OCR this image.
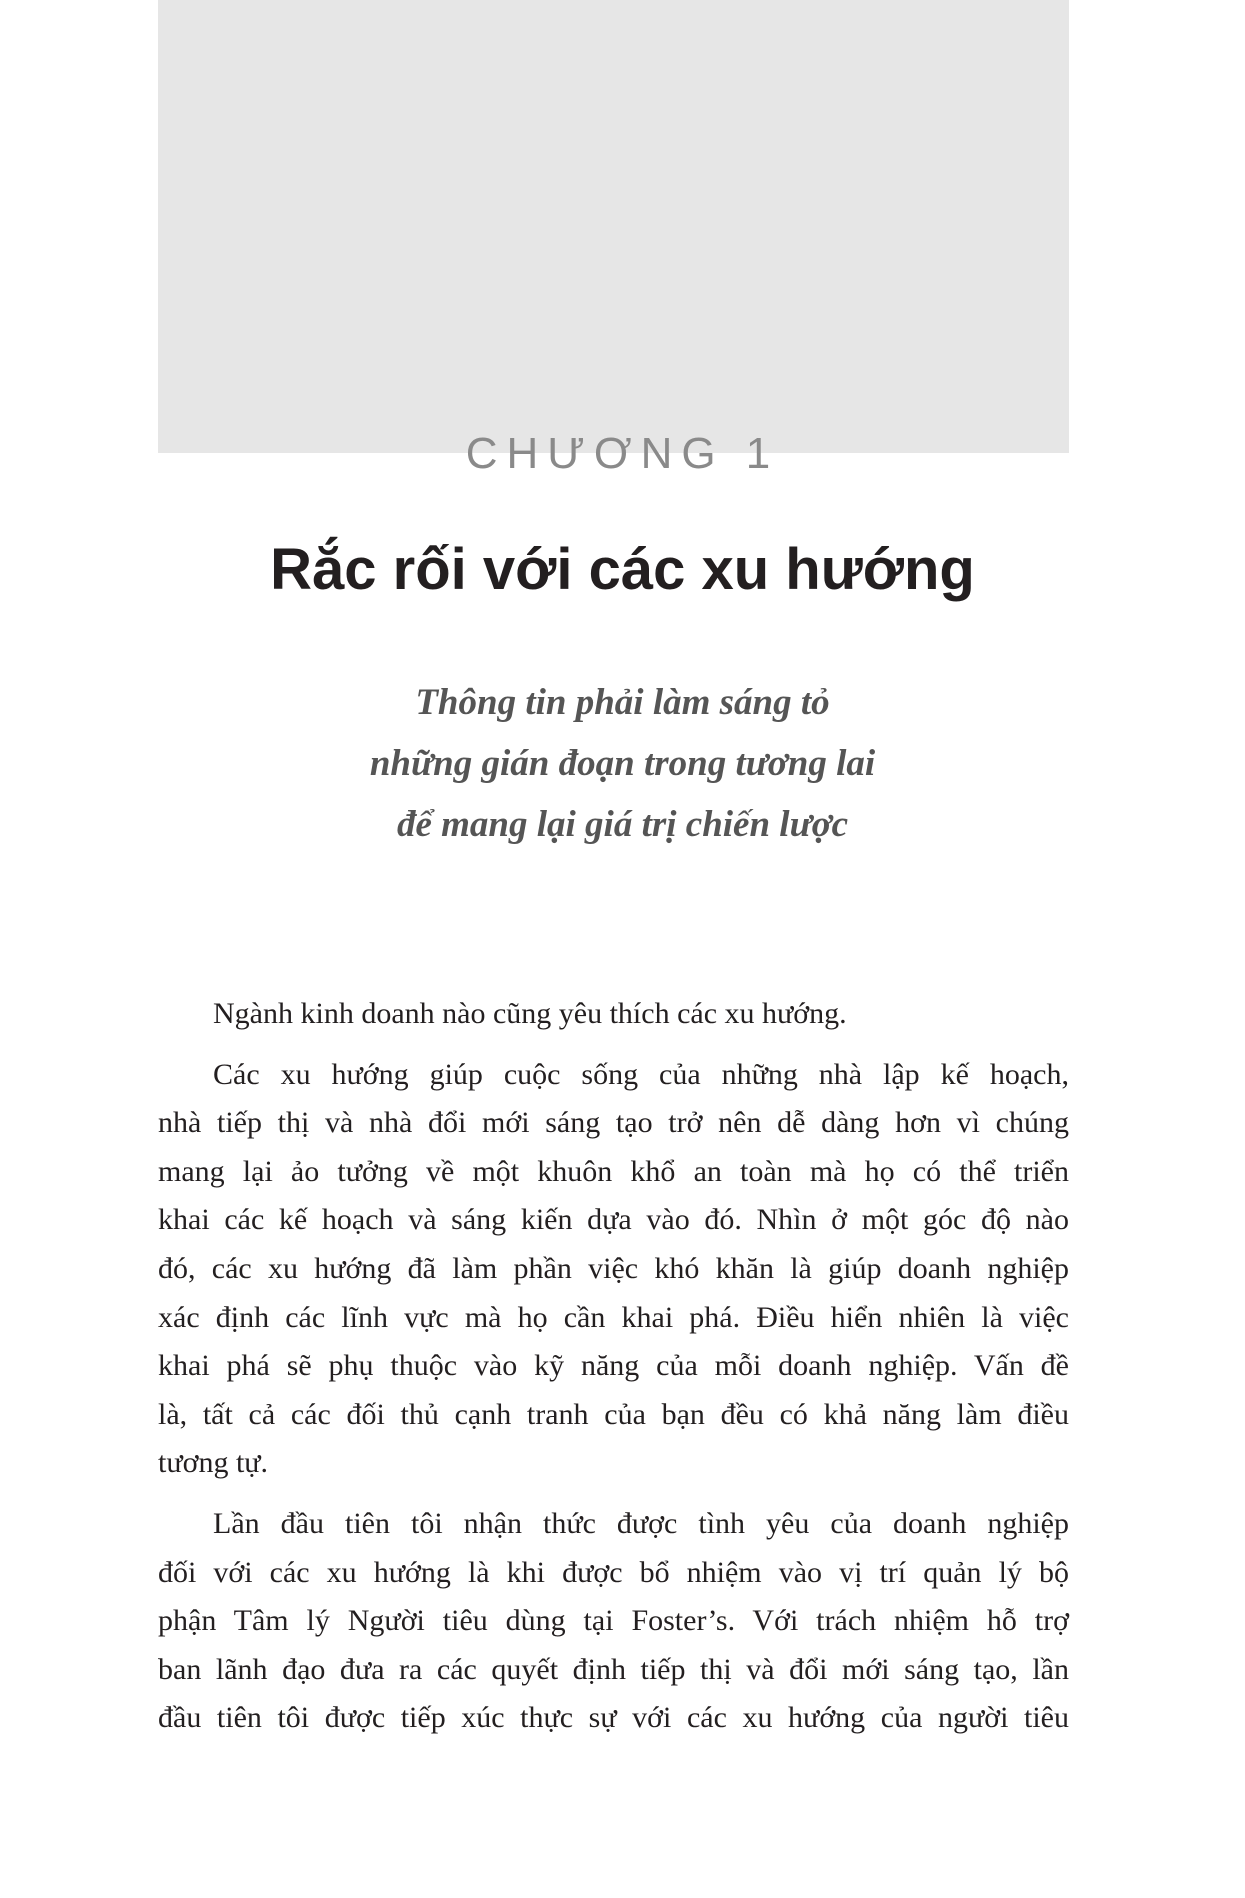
CHƯƠNG 1
Rắc rối với các xu hướng
Thông tin phải làm sáng tỏ
những gián đoạn trong tương lai
để mang lại giá trị chiến lược
Ngành kinh doanh nào cũng yêu thích các xu hướng.
Các xu hướng giúp cuộc sống của những nhà lập kế hoạch,
nhà tiếp thị và nhà đổi mới sáng tạo trở nên dễ dàng hơn vì chúng
mang lại ảo tưởng về một khuôn khổ an toàn mà họ có thể triển
khai các kế hoạch và sáng kiến dựa vào đó. Nhìn ở một góc độ nào
đó, các xu hướng đã làm phần việc khó khăn là giúp doanh nghiệp
xác định các lĩnh vực mà họ cần khai phá. Điều hiển nhiên là việc
khai phá sẽ phụ thuộc vào kỹ năng của mỗi doanh nghiệp. Vấn đề
là, tất cả các đối thủ cạnh tranh của bạn đều có khả năng làm điều
tương tự.
Lần đầu tiên tôi nhận thức được tình yêu của doanh nghiệp
đối với các xu hướng là khi được bổ nhiệm vào vị trí quản lý bộ
phận Tâm lý Người tiêu dùng tại Foster’s. Với trách nhiệm hỗ trợ
ban lãnh đạo đưa ra các quyết định tiếp thị và đổi mới sáng tạo, lần
đầu tiên tôi được tiếp xúc thực sự với các xu hướng của người tiêu
